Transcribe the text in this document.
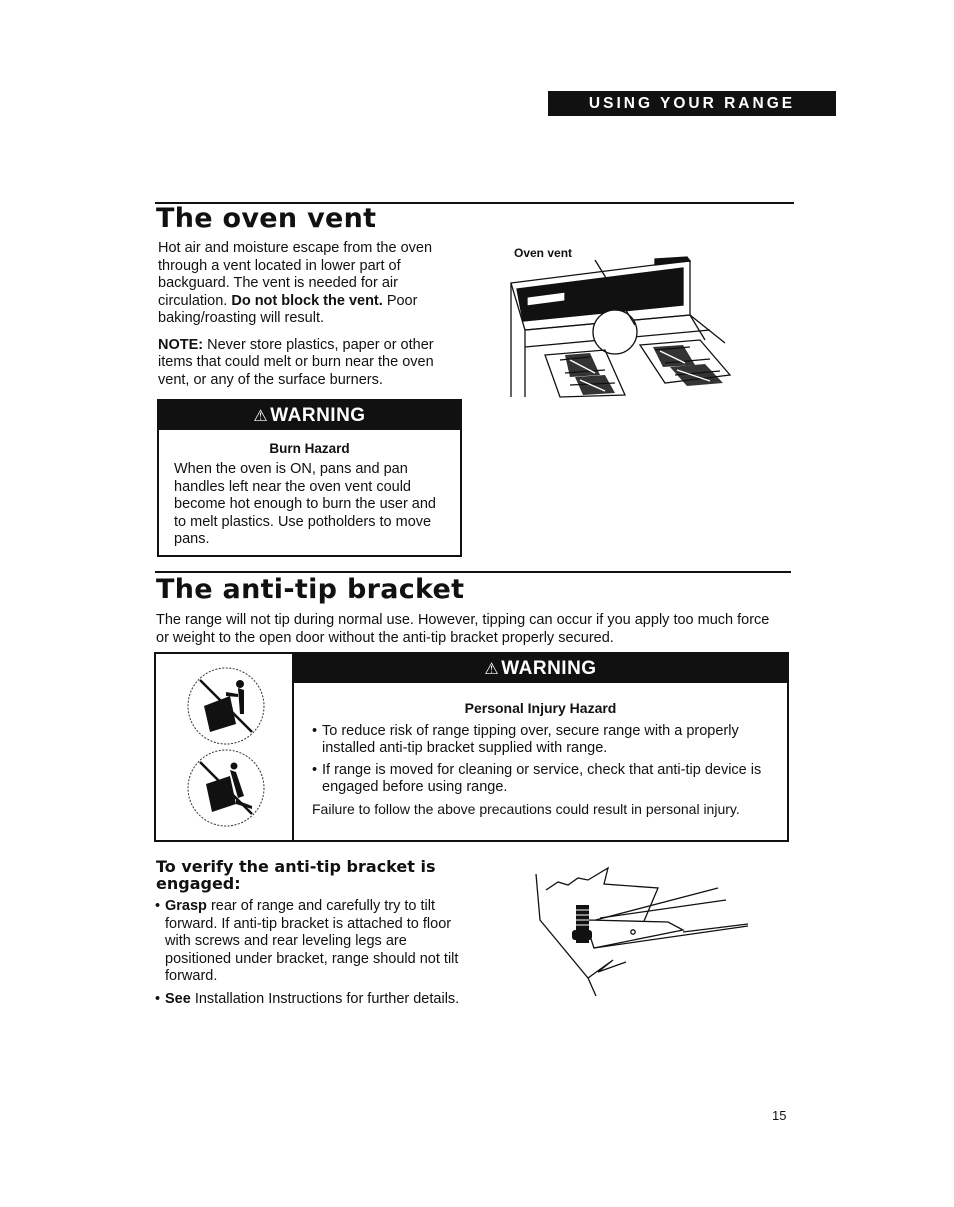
USING YOUR RANGE
The oven vent

Hot air and moisture escape from the oven through a vent located in lower part of backguard. The vent is needed for air circulation. Do not block the vent. Poor baking/roasting will result.

NOTE: Never store plastics, paper or other items that could melt or burn near the oven vent, or any of the surface burners.

⚠ WARNING
Burn Hazard
When the oven is ON, pans and pan handles left near the oven vent could become hot enough to burn the user and to melt plastics. Use potholders to move pans.
Oven vent
The anti-tip bracket
The range will not tip during normal use. However, tipping can occur if you apply too much force or weight to the open door without the anti-tip bracket properly secured.
⚠ WARNING
Personal Injury Hazard
• To reduce risk of range tipping over, secure range with a properly installed anti-tip bracket supplied with range.
• If range is moved for cleaning or service, check that anti-tip device is engaged before using range.
Failure to follow the above precautions could result in personal injury.
To verify the anti-tip bracket is engaged:
• Grasp rear of range and carefully try to tilt forward. If anti-tip bracket is attached to floor with screws and rear leveling legs are positioned under bracket, range should not tilt forward.
• See Installation Instructions for further details.
15
